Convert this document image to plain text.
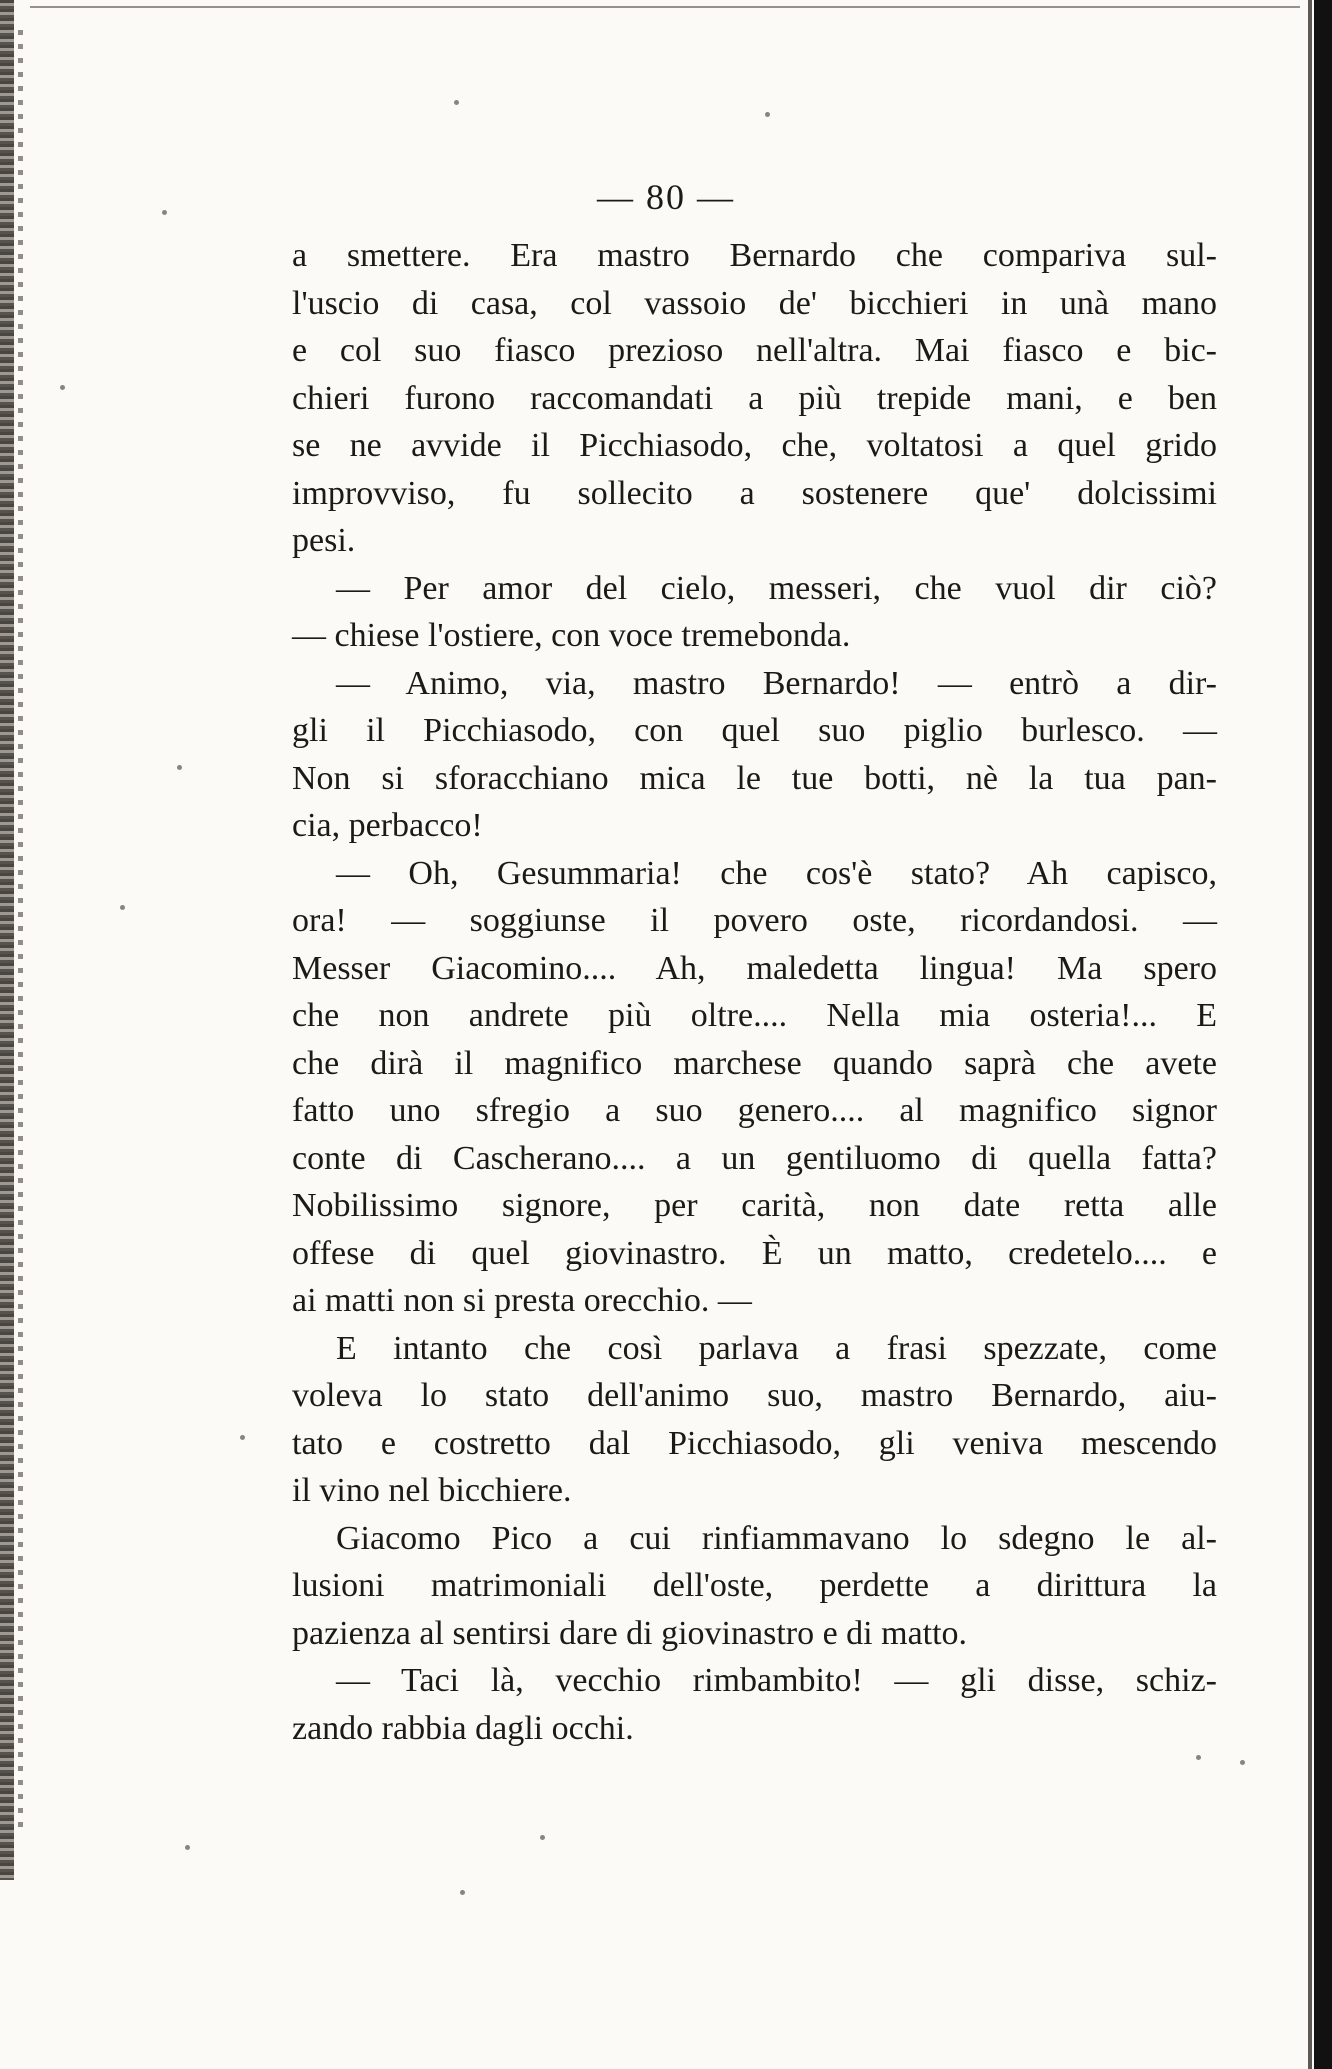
— 80 —
a smettere. Era mastro Bernardo che compariva sul-
l'uscio di casa, col vassoio de' bicchieri in unà mano
e col suo fiasco prezioso nell'altra. Mai fiasco e bic-
chieri furono raccomandati a più trepide mani, e ben
se ne avvide il Picchiasodo, che, voltatosi a quel grido
improvviso, fu sollecito a sostenere que' dolcissimi
pesi.
— Per amor del cielo, messeri, che vuol dir ciò?
— chiese l'ostiere, con voce tremebonda.
— Animo, via, mastro Bernardo! — entrò a dir-
gli il Picchiasodo, con quel suo piglio burlesco. —
Non si sforacchiano mica le tue botti, nè la tua pan-
cia, perbacco!
— Oh, Gesummaria! che cos'è stato? Ah capisco,
ora! — soggiunse il povero oste, ricordandosi. —
Messer Giacomino.... Ah, maledetta lingua! Ma spero
che non andrete più oltre.... Nella mia osteria!... E
che dirà il magnifico marchese quando saprà che avete
fatto uno sfregio a suo genero.... al magnifico signor
conte di Cascherano.... a un gentiluomo di quella fatta?
Nobilissimo signore, per carità, non date retta alle
offese di quel giovinastro. È un matto, credetelo.... e
ai matti non si presta orecchio. —
E intanto che così parlava a frasi spezzate, come
voleva lo stato dell'animo suo, mastro Bernardo, aiu-
tato e costretto dal Picchiasodo, gli veniva mescendo
il vino nel bicchiere.
Giacomo Pico a cui rinfiammavano lo sdegno le al-
lusioni matrimoniali dell'oste, perdette a dirittura la
pazienza al sentirsi dare di giovinastro e di matto.
— Taci là, vecchio rimbambito! — gli disse, schiz-
zando rabbia dagli occhi.
